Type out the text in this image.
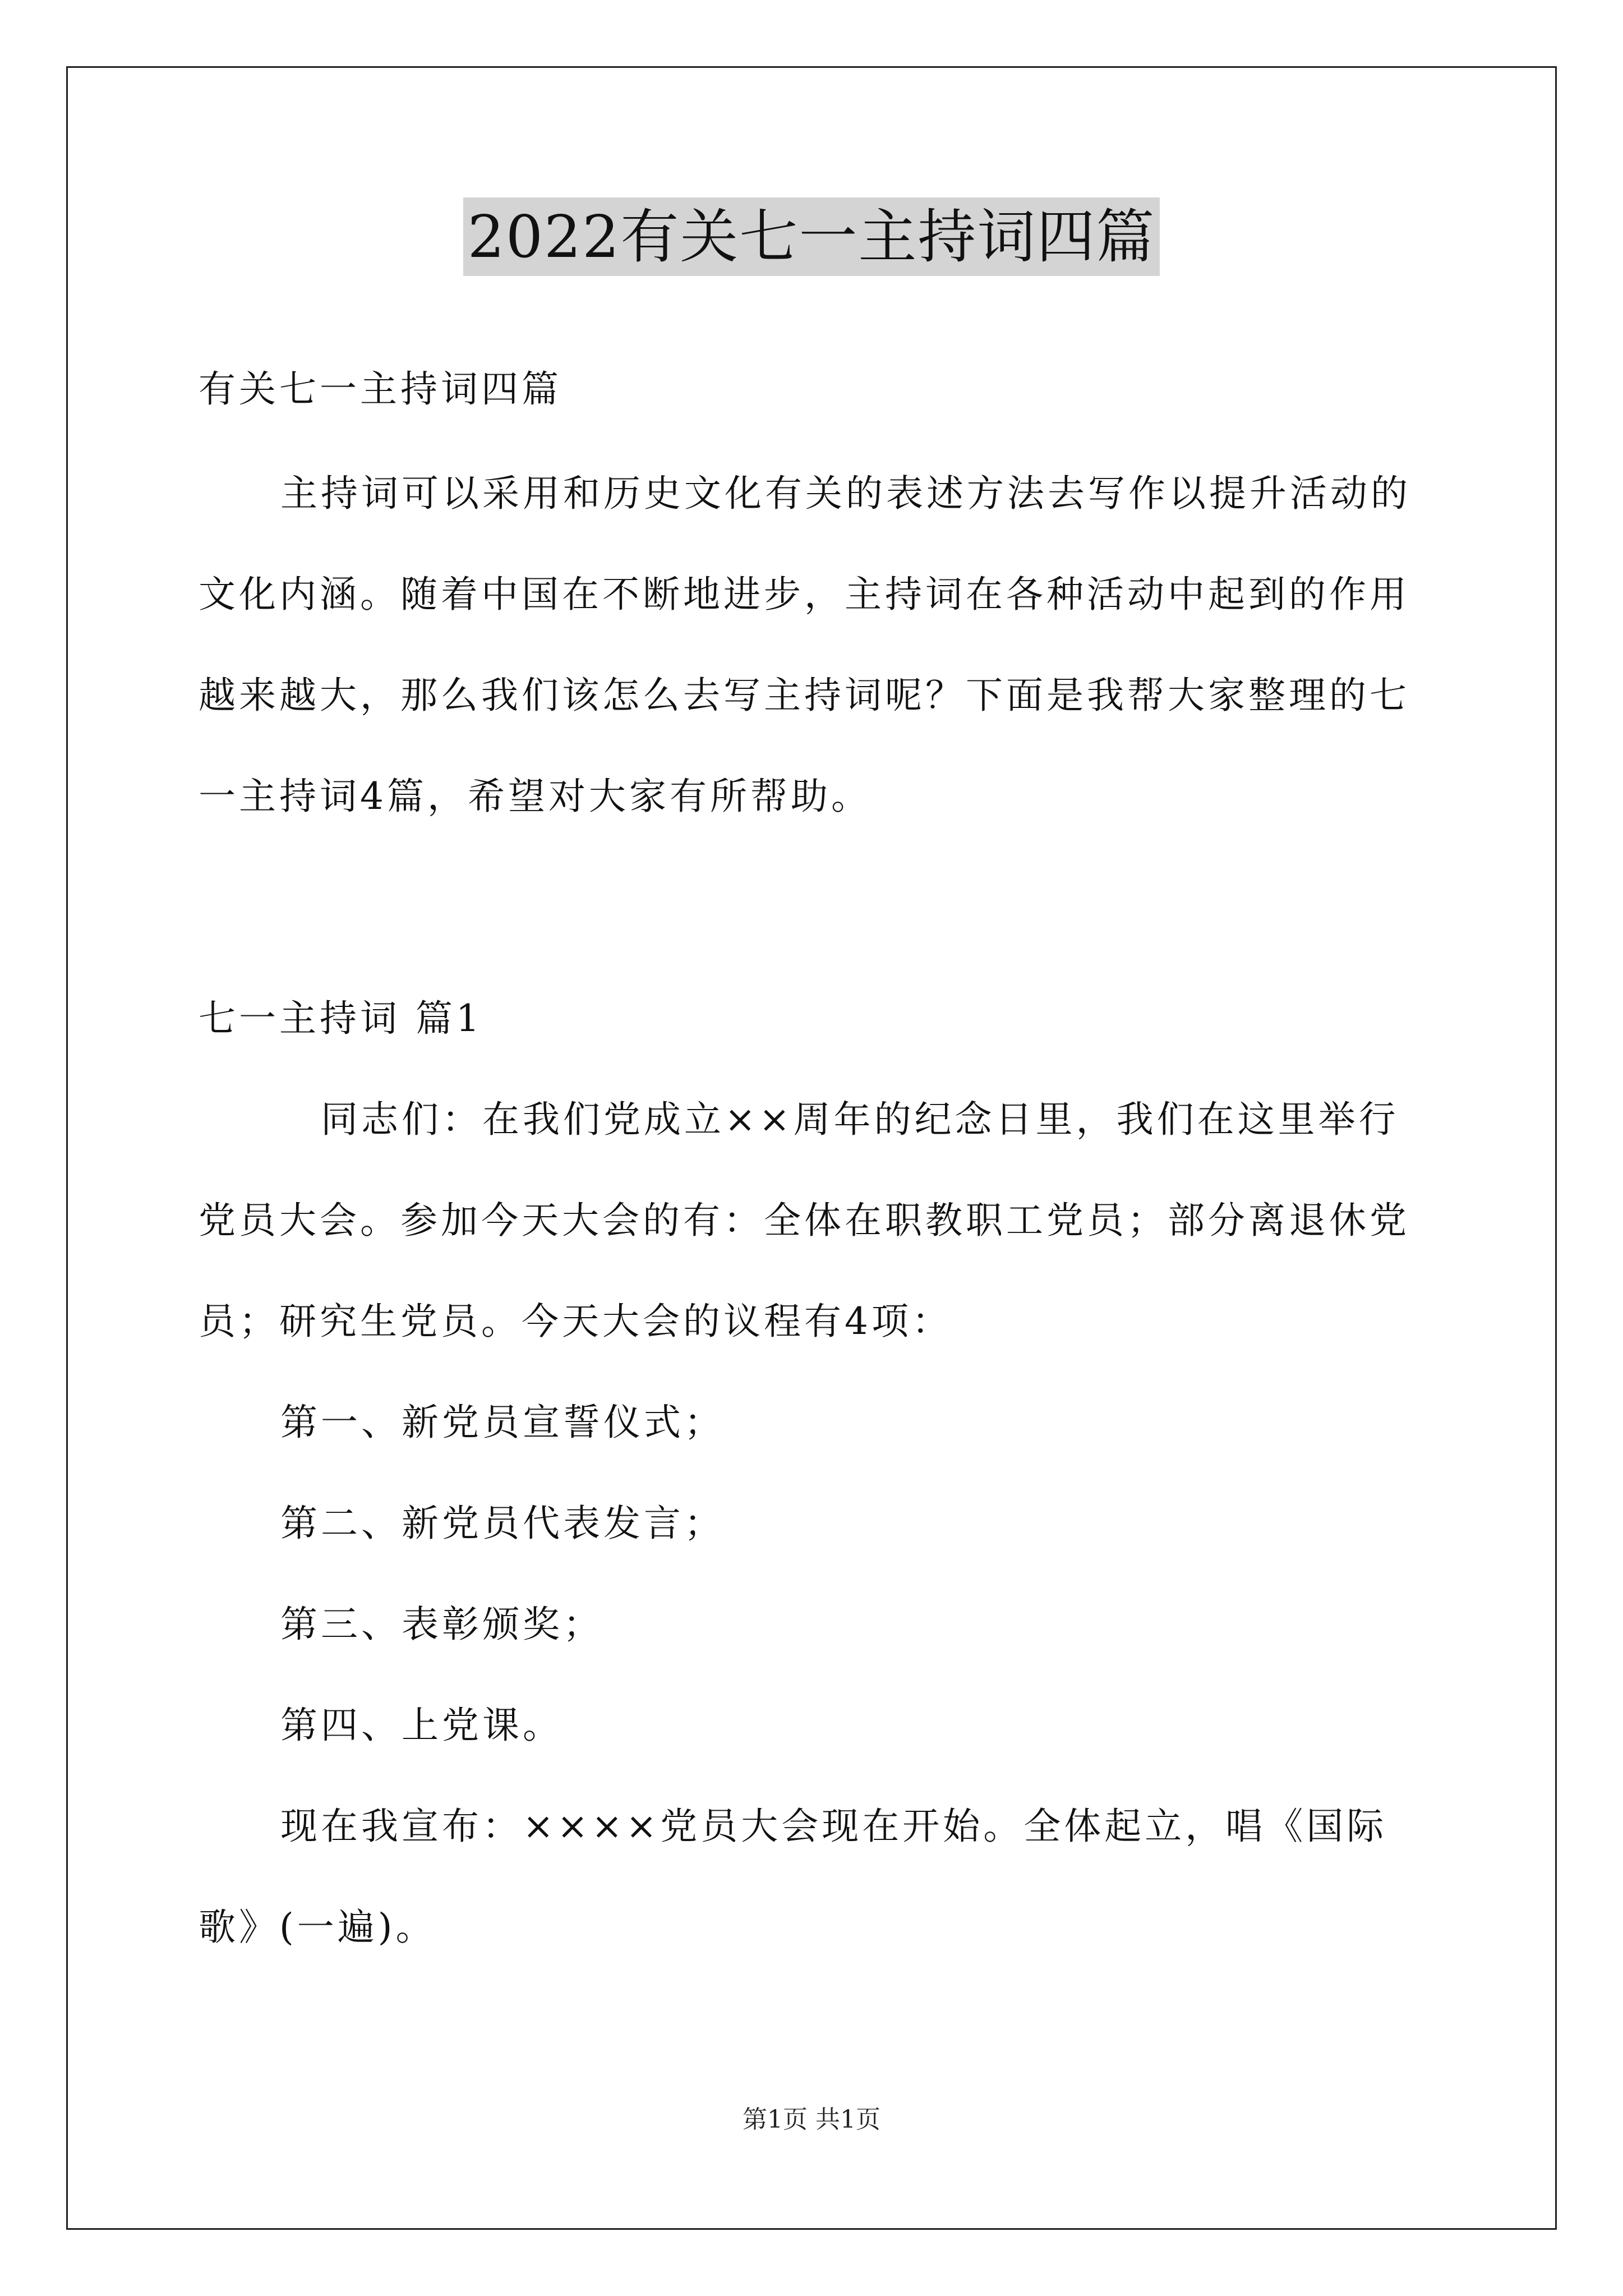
2022有关七一主持词四篇
有关七一主持词四篇
主持词可以采用和历史文化有关的表述方法去写作以提升活动的
文化内涵。随着中国在不断地进步，主持词在各种活动中起到的作用
越来越大，那么我们该怎么去写主持词呢？下面是我帮大家整理的七
一主持词4篇，希望对大家有所帮助。
七一主持词 篇1
同志们：在我们党成立××周年的纪念日里，我们在这里举行
党员大会。参加今天大会的有：全体在职教职工党员；部分离退休党
员；研究生党员。今天大会的议程有4项：
第一、新党员宣誓仪式；
第二、新党员代表发言；
第三、表彰颁奖；
第四、上党课。
现在我宣布：××××党员大会现在开始。全体起立，唱《国际
歌》(一遍)。
第1页 共1页
